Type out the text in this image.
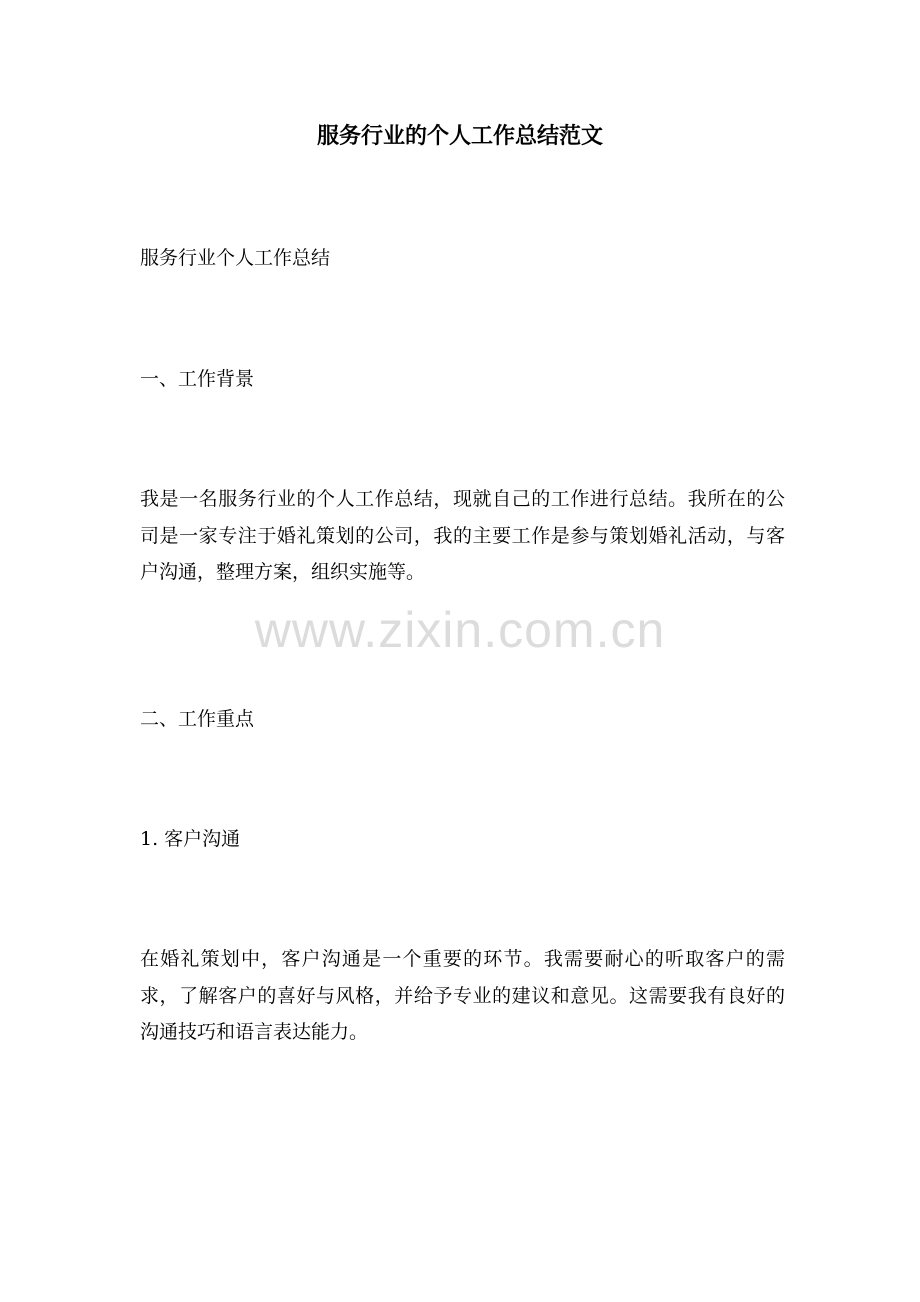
服务行业的个人工作总结范文
服务行业个人工作总结
一、工作背景

我是一名服务行业的个人工作总结，现就自己的工作进行总结。我所在的公司是一家专注于婚礼策划的公司，我的主要工作是参与策划婚礼活动，与客户沟通，整理方案，组织实施等。

www.zixin.com.cn
二、工作重点
1. 客户沟通

在婚礼策划中，客户沟通是一个重要的环节。我需要耐心的听取客户的需求，了解客户的喜好与风格，并给予专业的建议和意见。这需要我有良好的沟通技巧和语言表达能力。
